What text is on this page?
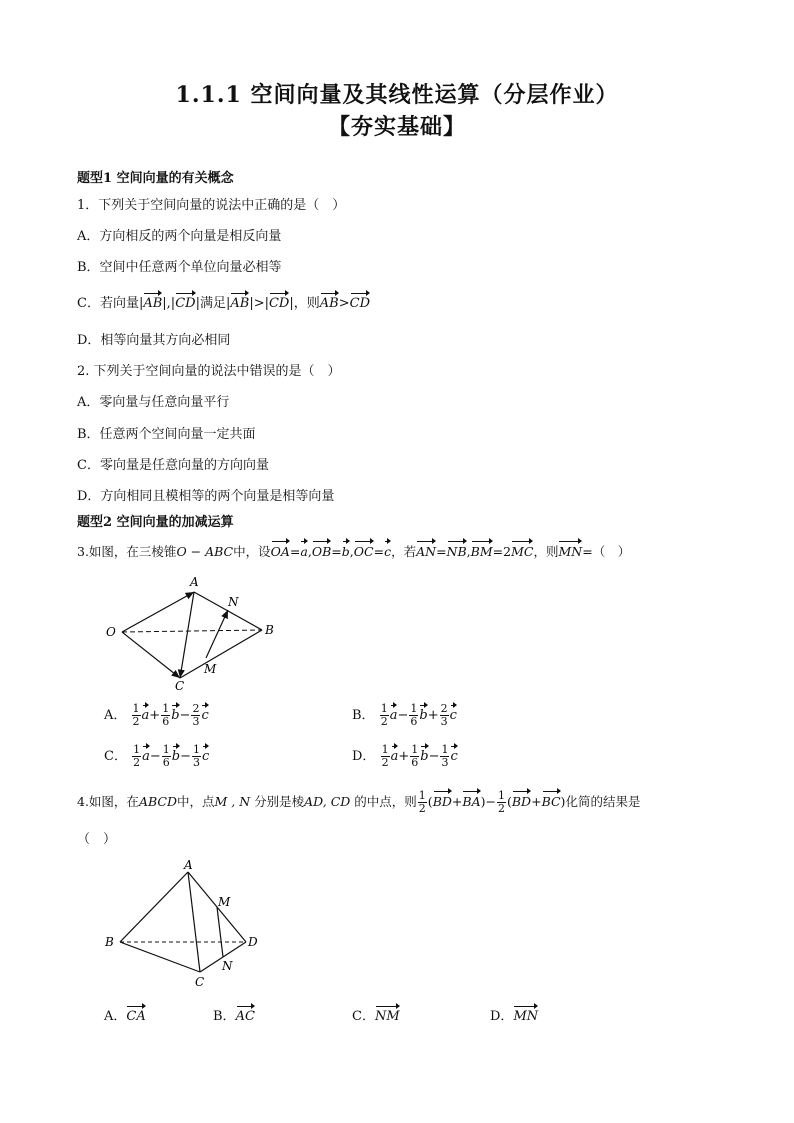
1.1.1 空间向量及其线性运算（分层作业）
【夯实基础】
题型1 空间向量的有关概念
1．下列关于空间向量的说法中正确的是（　）
A．方向相反的两个向量是相反向量
B．空间中任意两个单位向量必相等
C．若向量|AB|,|CD|满足|AB|>|CD|，则AB>CD
D．相等向量其方向必相同
2. 下列关于空间向量的说法中错误的是（　）
A．零向量与任意向量平行
B．任意两个空间向量一定共面
C．零向量是任意向量的方向向量
D．方向相同且模相等的两个向量是相等向量
题型2 空间向量的加减运算
3.如图，在三棱锥O − ABC中，设OA=a,OB=b,OC=c，若AN=NB,BM=2MC，则MN=（　）
A
N
O	B
M
C
A． $\frac{1}{2} a+ \frac{1}{6} b- \frac{2}{3}$ c	B． $\frac{1}{2} a- \frac{1}{6} b+ \frac{2}{3}$ c
C． $\frac{1}{2} a- \frac{1}{6} b- \frac{1}{3}$ c	D． $\frac{1}{2} a+ \frac{1}{6} b- \frac{1}{3}$ c
4.如图，在ABCD中，点M , N 分别是棱AD, CD 的中点，则 $\frac{1}{2} (BD+BA)- \frac{1}{2} (BD+BC)$化简的结果是
（　）
A
M
B	D
N
C
A．CA	B．AC	C．NM	D．MN
